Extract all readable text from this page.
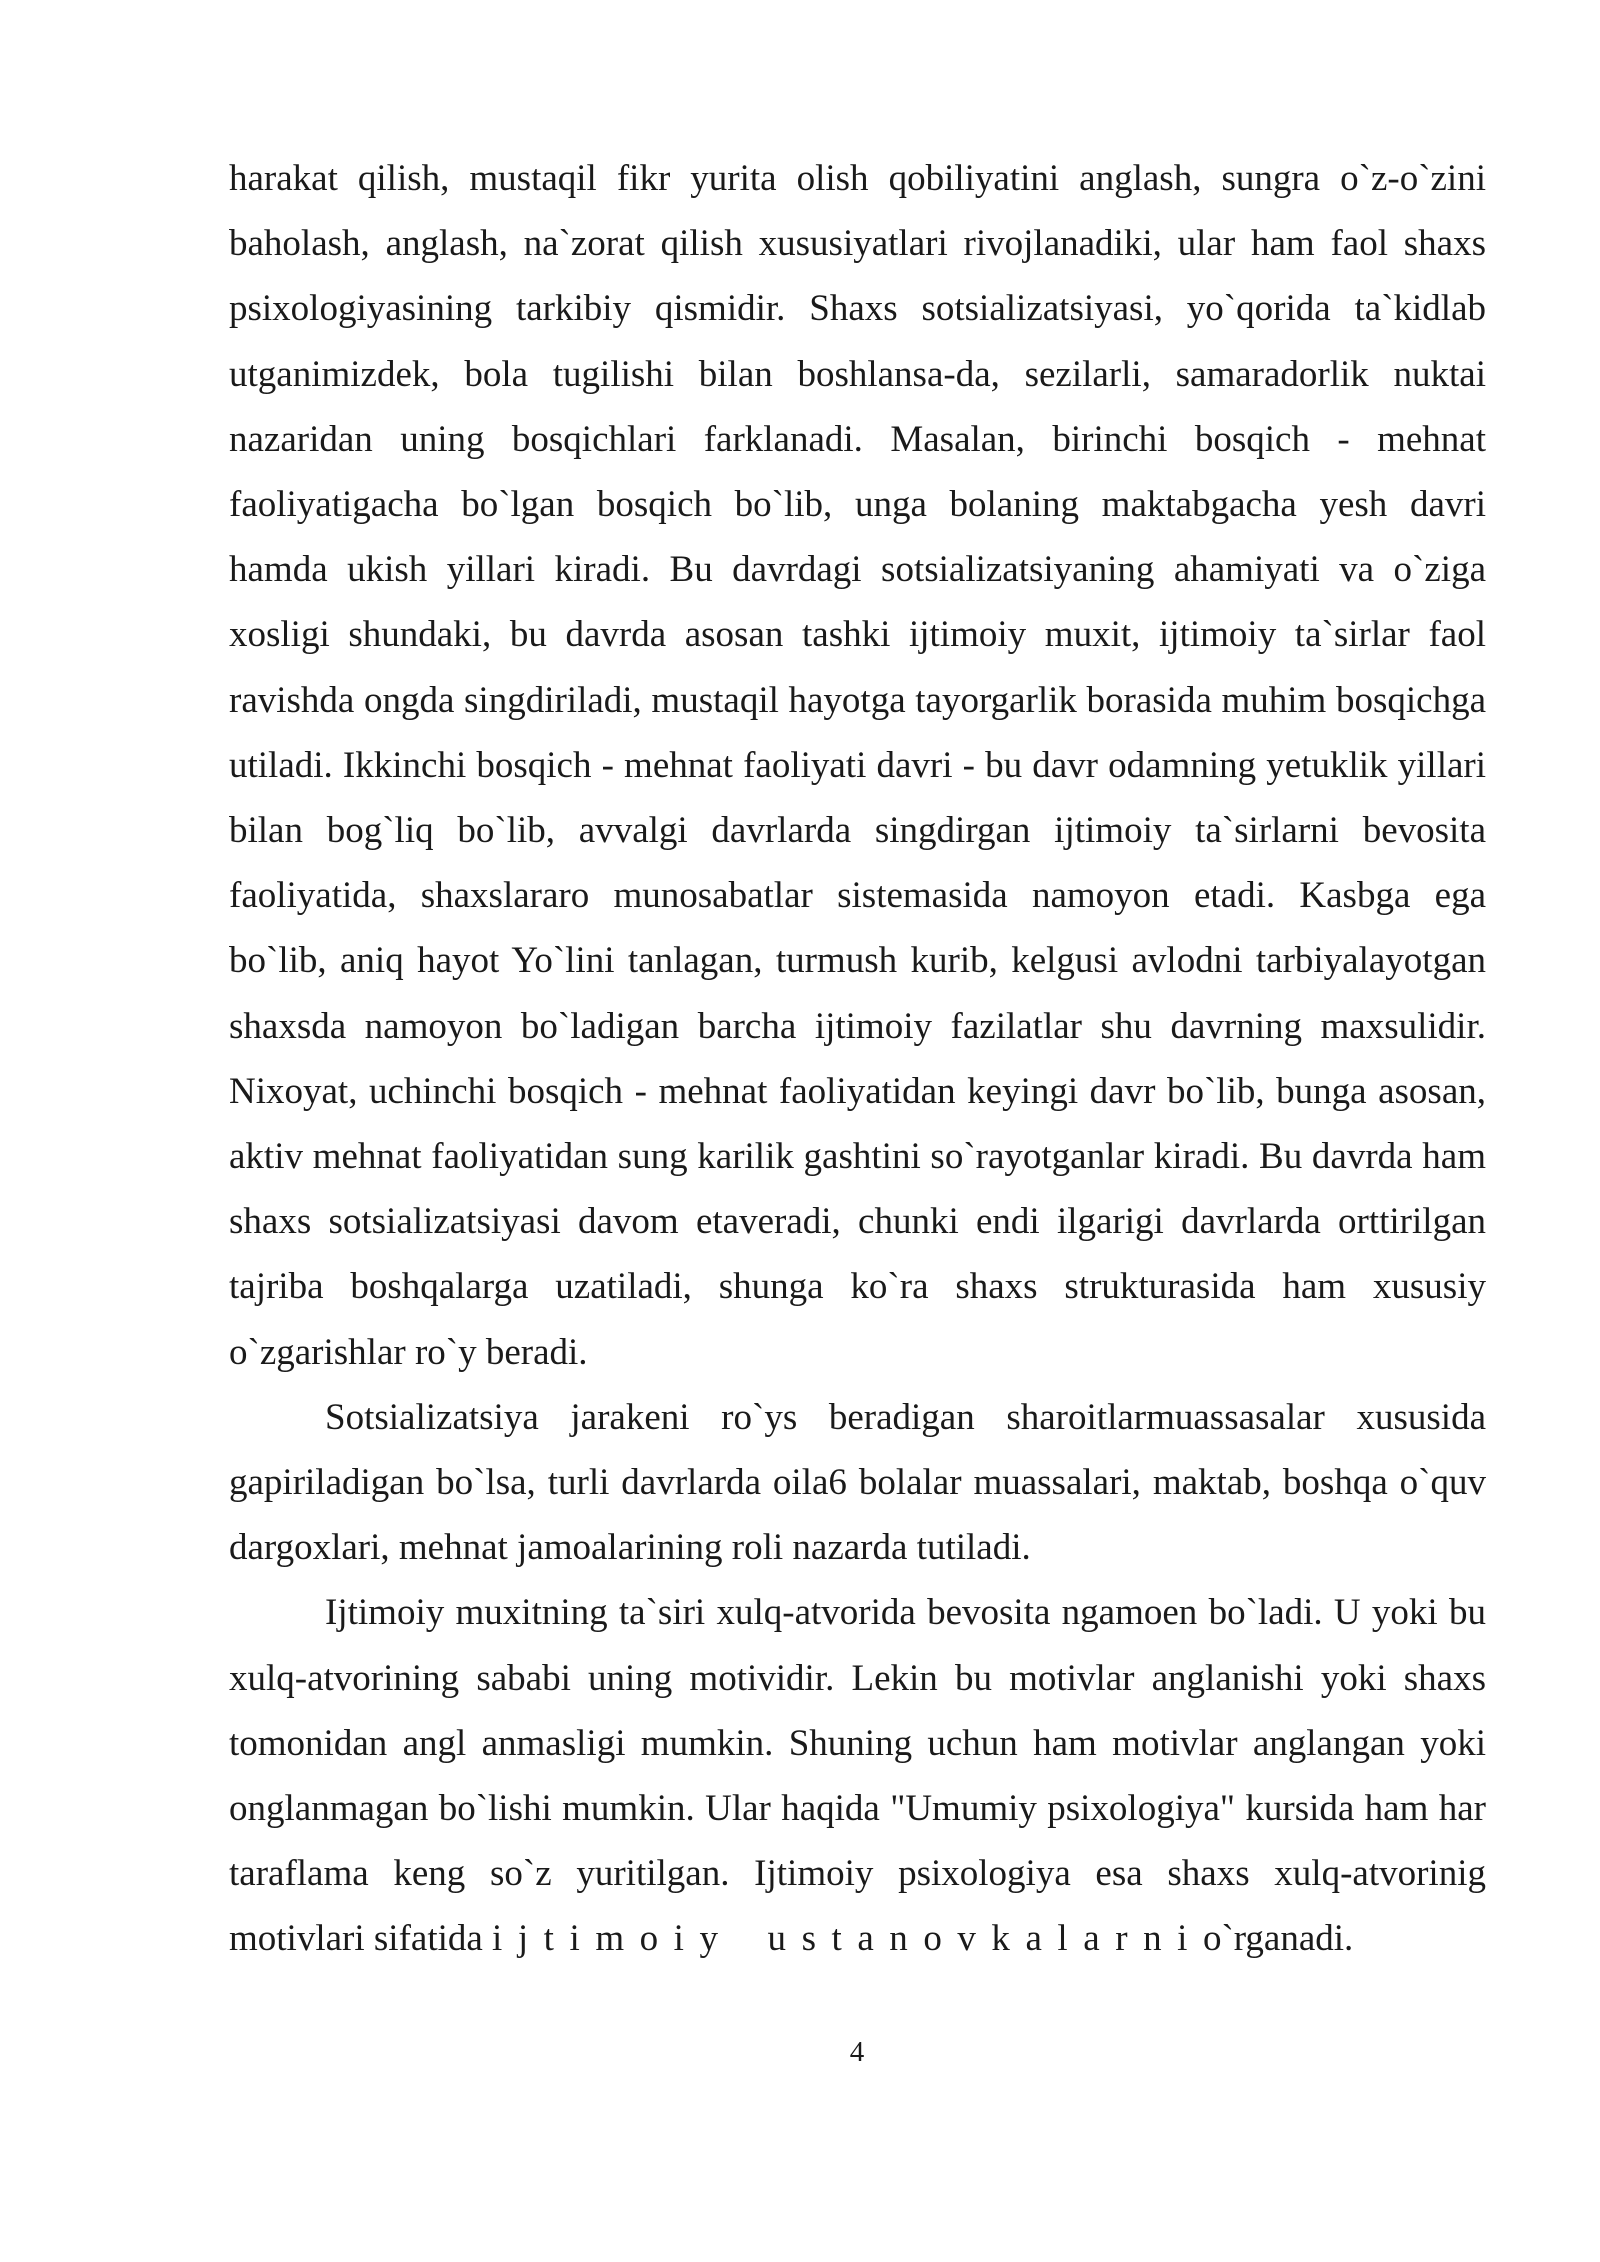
harakat qilish, mustaqil fikr yurita olish qobiliyatini anglash, sungra o`z-o`zini baholash, anglash, na`zorat qilish xususiyatlari rivojlanadiki, ular ham faol shaxs psixologiyasining tarkibiy qismidir. Shaxs sotsializatsiyasi, yo`qorida ta`kidlab utganimizdek, bola tugilishi bilan boshlansa-da, sezilarli, samaradorlik nuktai nazaridan uning bosqichlari farklanadi. Masalan, birinchi bosqich - mehnat faoliyatigacha bo`lgan bosqich bo`lib, unga bolaning maktabgacha yesh davri hamda ukish yillari kiradi. Bu davrdagi sotsializatsiyaning ahamiyati va o`ziga xosligi shundaki, bu davrda asosan tashki ijtimoiy muxit, ijtimoiy ta`sirlar faol ravishda ongda singdiriladi, mustaqil hayotga tayorgarlik borasida muhim bosqichga utiladi. Ikkinchi bosqich - mehnat faoliyati davri - bu davr odamning yetuklik yillari bilan bog`liq bo`lib, avvalgi davrlarda singdirgan ijtimoiy ta`sirlarni bevosita faoliyatida, shaxslararo munosabatlar sistemasida namoyon etadi. Kasbga ega bo`lib, aniq hayot Yo`lini tanlagan, turmush kurib, kelgusi avlodni tarbiyalayotgan shaxsda namoyon bo`ladigan barcha ijtimoiy fazilatlar shu davrning maxsulidir. Nixoyat, uchinchi bosqich - mehnat faoliyatidan keyingi davr bo`lib, bunga asosan, aktiv mehnat faoliyatidan sung karilik gashtini so`rayotganlar kiradi. Bu davrda ham shaxs sotsializatsiyasi davom etaveradi, chunki endi ilgarigi davrlarda orttirilgan tajriba boshqalarga uzatiladi, shunga ko`ra shaxs strukturasida ham xususiy o`zgarishlar ro`y beradi.

Sotsializatsiya jarakeni ro`ys beradigan sharoitlarmuassasalar xususida gapiriladigan bo`lsa, turli davrlarda oila6 bolalar muassalari, maktab, boshqa o`quv dargoxlari, mehnat jamoalarining roli nazarda tutiladi.

Ijtimoiy muxitning ta`siri xulq-atvorida bevosita ngamoen bo`ladi. U yoki bu xulq-atvorining sababi uning motividir. Lekin bu motivlar anglanishi yoki shaxs tomonidan angl anmasligi mumkin. Shuning uchun ham motivlar anglangan yoki onglanmagan bo`lishi mumkin. Ular haqida "Umumiy psixologiya" kursida ham har taraflama keng so`z yuritilgan. Ijtimoiy psixologiya esa shaxs xulq-atvorinig motivlari sifatida ijtimoiy ustanovkalarnio`rganadi.

4
